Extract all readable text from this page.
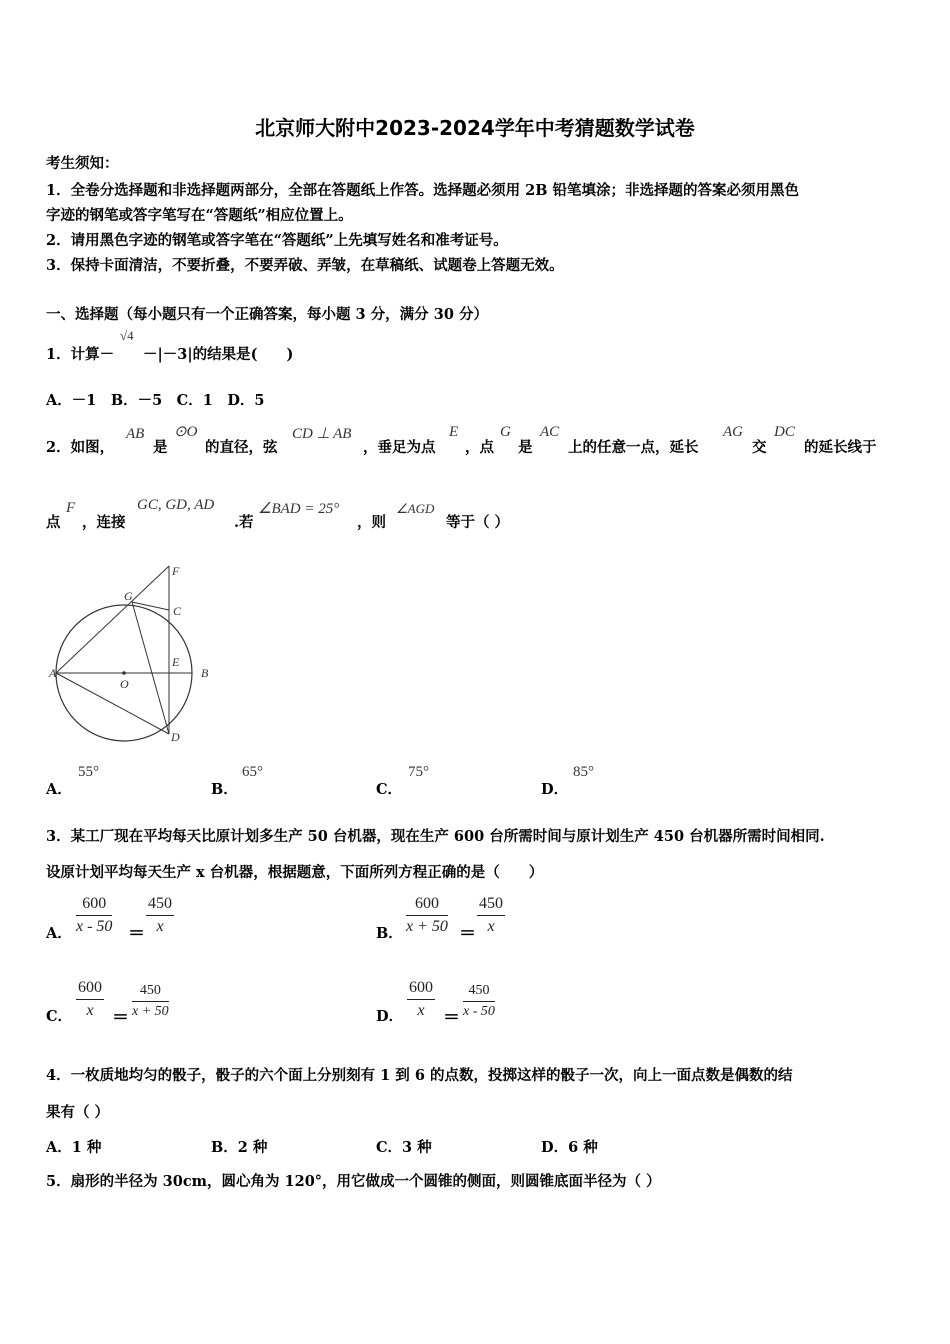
北京师大附中2023-2024学年中考猜题数学试卷
考生须知：
1．全卷分选择题和非选择题两部分，全部在答题纸上作答。选择题必须用 2B 铅笔填涂；非选择题的答案必须用黑色
字迹的钢笔或答字笔写在“答题纸”相应位置上。
2．请用黑色字迹的钢笔或答字笔在“答题纸”上先填写姓名和准考证号。
3．保持卡面清洁，不要折叠，不要弄破、弄皱，在草稿纸、试题卷上答题无效。
一、选择题（每小题只有一个正确答案，每小题 3 分，满分 30 分）
1．计算－
√4
－|－3|的结果是(　　)
A．－1　B．－5　C．1　D．5
2．如图，
AB
是
⊙O
的直径，弦
CD ⊥ AB
，垂足为点
E
，点
G
是
AC
上的任意一点，延长
AG
交
DC
的延长线于
点
F
，连接
GC, GD, AD
.若
∠BAD = 25°
，则
∠AGD
等于（ ）
F
G
C
A
O
E
B
D
A．
55°
B．
65°
C．
75°
D．
85°
3．某工厂现在平均每天比原计划多生产 50 台机器，现在生产 600 台所需时间与原计划生产 450 台机器所需时间相同.
设原计划平均每天生产 x 台机器，根据题意，下面所列方程正确的是（　　）
A． $\frac{600}{x - 50} = \frac{450}{x}$	B． $\frac{600}{x + 50} = \frac{450}{x}$
C． $\frac{600}{x} = \frac{450}{x + 50}$	D． $\frac{600}{x} = \frac{450}{x - 50}$
4．一枚质地均匀的骰子，骰子的六个面上分别刻有 1 到 6 的点数，投掷这样的骰子一次，向上一面点数是偶数的结
果有（ ）
A．1 种	B．2 种	C．3 种	D．6 种
5．扇形的半径为 30cm，圆心角为 120°，用它做成一个圆锥的侧面，则圆锥底面半径为（ ）
